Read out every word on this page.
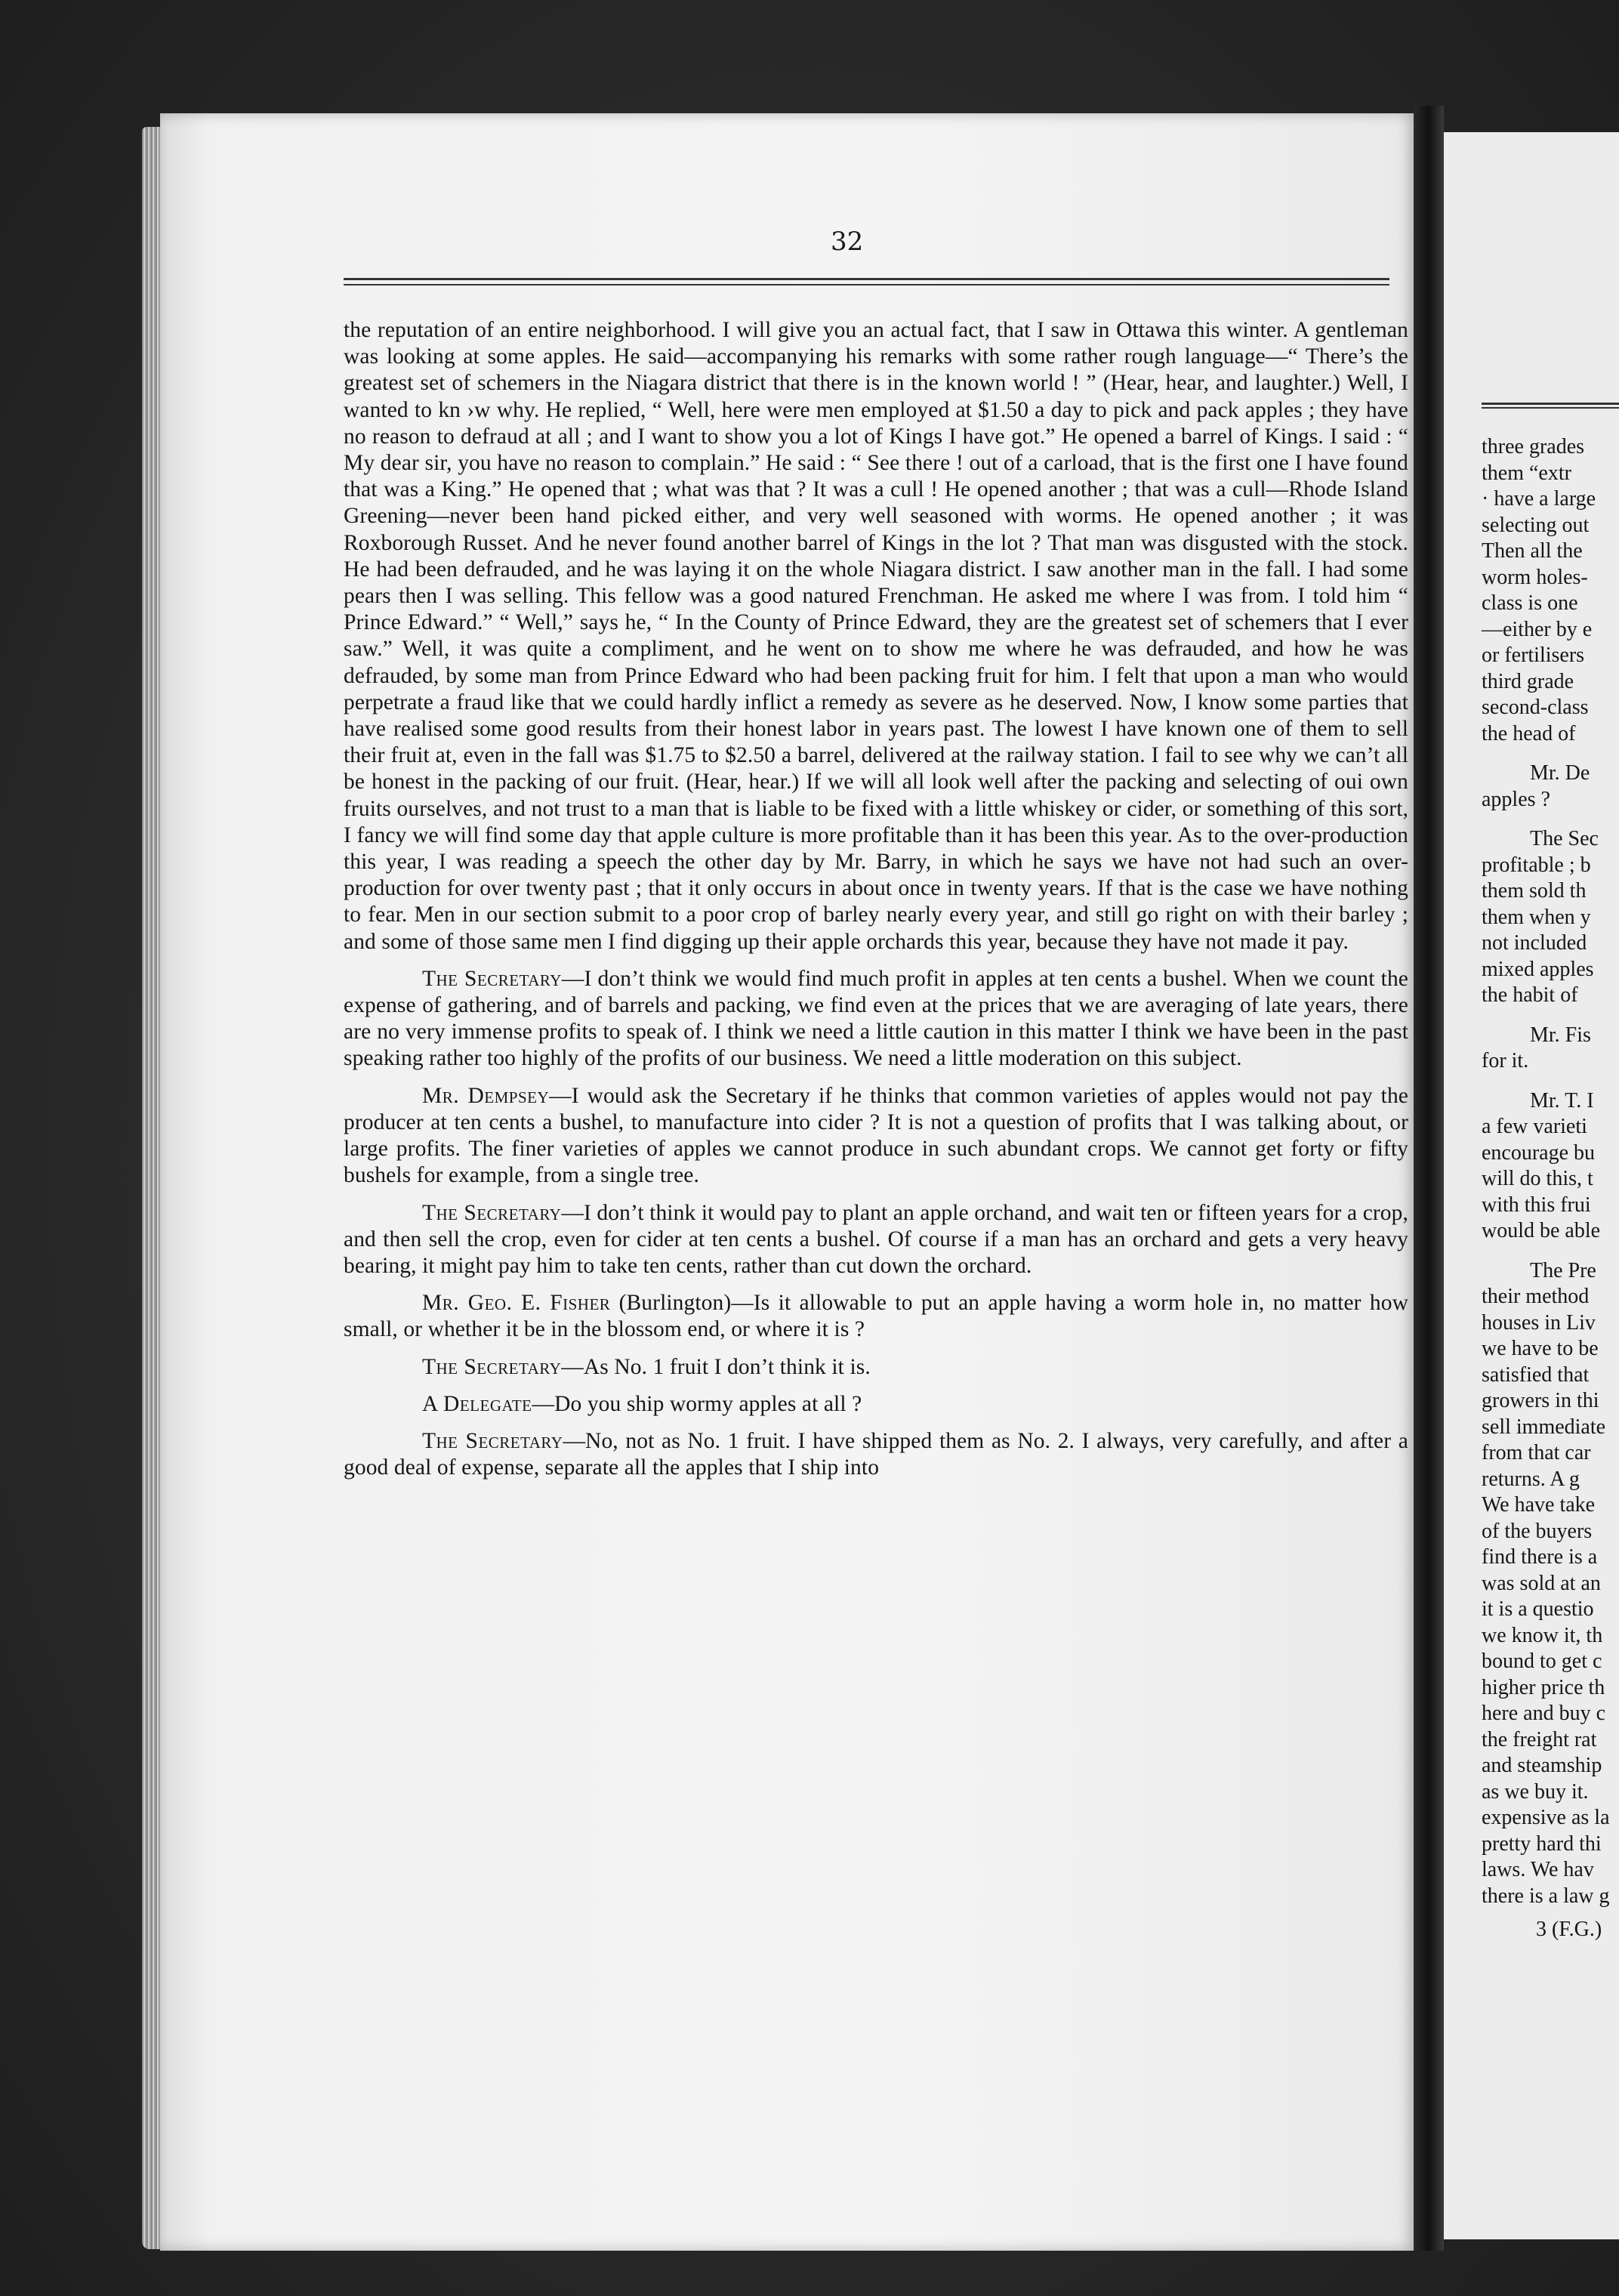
32

the reputation of an entire neighborhood. I will give you an actual fact, that I saw in Ottawa this winter. A gentleman was looking at some apples. He said—accompanying his remarks with some rather rough language—“ There’s the greatest set of schemers in the Niagara district that there is in the known world ! ” (Hear, hear, and laughter.) Well, I wanted to kn ›w why. He replied, “ Well, here were men employed at $1.50 a day to pick and pack apples ; they have no reason to defraud at all ; and I want to show you a lot of Kings I have got.” He opened a barrel of Kings. I said : “ My dear sir, you have no reason to complain.” He said : “ See there ! out of a carload, that is the first one I have found that was a King.” He opened that ; what was that ? It was a cull ! He opened another ; that was a cull—Rhode Island Greening—never been hand picked either, and very well seasoned with worms. He opened another ; it was Roxborough Russet. And he never found another barrel of Kings in the lot ? That man was disgusted with the stock. He had been defrauded, and he was laying it on the whole Niagara district. I saw another man in the fall. I had some pears then I was selling. This fellow was a good natured Frenchman. He asked me where I was from. I told him “ Prince Edward.” “ Well,” says he, “ In the County of Prince Edward, they are the greatest set of schemers that I ever saw.” Well, it was quite a compliment, and he went on to show me where he was defrauded, and how he was defrauded, by some man from Prince Edward who had been packing fruit for him. I felt that upon a man who would perpetrate a fraud like that we could hardly inflict a remedy as severe as he deserved. Now, I know some parties that have realised some good results from their honest labor in years past. The lowest I have known one of them to sell their fruit at, even in the fall was $1.75 to $2.50 a barrel, delivered at the railway station. I fail to see why we can’t all be honest in the packing of our fruit. (Hear, hear.) If we will all look well after the packing and selecting of oui own fruits ourselves, and not trust to a man that is liable to be fixed with a little whiskey or cider, or something of this sort, I fancy we will find some day that apple culture is more profitable than it has been this year. As to the over-production this year, I was reading a speech the other day by Mr. Barry, in which he says we have not had such an over-production for over twenty past ; that it only occurs in about once in twenty years. If that is the case we have nothing to fear. Men in our section submit to a poor crop of barley nearly every year, and still go right on with their barley ; and some of those same men I find digging up their apple orchards this year, because they have not made it pay.

The Secretary—I don’t think we would find much profit in apples at ten cents a bushel. When we count the expense of gathering, and of barrels and packing, we find even at the prices that we are averaging of late years, there are no very immense profits to speak of. I think we need a little caution in this matter I think we have been in the past speaking rather too highly of the profits of our business. We need a little moderation on this subject.

Mr. Dempsey—I would ask the Secretary if he thinks that common varieties of apples would not pay the producer at ten cents a bushel, to manufacture into cider ? It is not a question of profits that I was talking about, or large profits. The finer varieties of apples we cannot produce in such abundant crops. We cannot get forty or fifty bushels for example, from a single tree.

The Secretary—I don’t think it would pay to plant an apple orchand, and wait ten or fifteen years for a crop, and then sell the crop, even for cider at ten cents a bushel. Of course if a man has an orchard and gets a very heavy bearing, it might pay him to take ten cents, rather than cut down the orchard.

Mr. Geo. E. Fisher (Burlington)—Is it allowable to put an apple having a worm hole in, no matter how small, or whether it be in the blossom end, or where it is ?

The Secretary—As No. 1 fruit I don’t think it is.

A Delegate—Do you ship wormy apples at all ?

The Secretary—No, not as No. 1 fruit. I have shipped them as No. 2. I always, very carefully, and after a good deal of expense, separate all the apples that I ship into

three grades
them “extr
· have a large
selecting out
Then all the
worm holes-
class is one
—either by e
or fertilisers
third grade
second-class
the head of
Mr. De
apples ?
The Sec
profitable ; b
them sold th
them when y
not included
mixed apples
the habit of
Mr. Fis
for it.
Mr. T. I
a few varieti
encourage bu
will do this, t
with this frui
would be able
The Pre
their method
houses in Liv
we have to be
satisfied that
growers in thi
sell immediate
from that car
returns. A g
We have take
of the buyers
find there is a
was sold at an
it is a questio
we know it, th
bound to get c
higher price th
here and buy c
the freight rat
and steamship
as we buy it.
expensive as la
pretty hard thi
laws. We hav
there is a law g
3 (F.G.)
